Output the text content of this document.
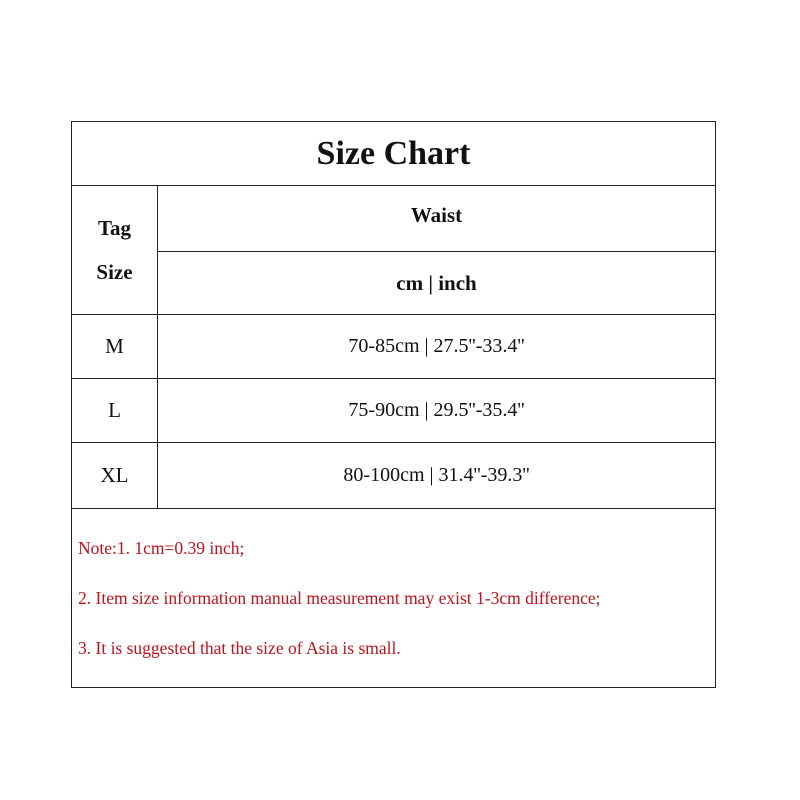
Size Chart
Tag
Size
Waist
cm | inch
M	70-85cm | 27.5''-33.4''
L	75-90cm | 29.5''-35.4''
XL	80-100cm | 31.4''-39.3''
Note:1. 1cm=0.39 inch;
2. Item size information manual measurement may exist 1-3cm difference;
3. It is suggested that the size of Asia is small.
